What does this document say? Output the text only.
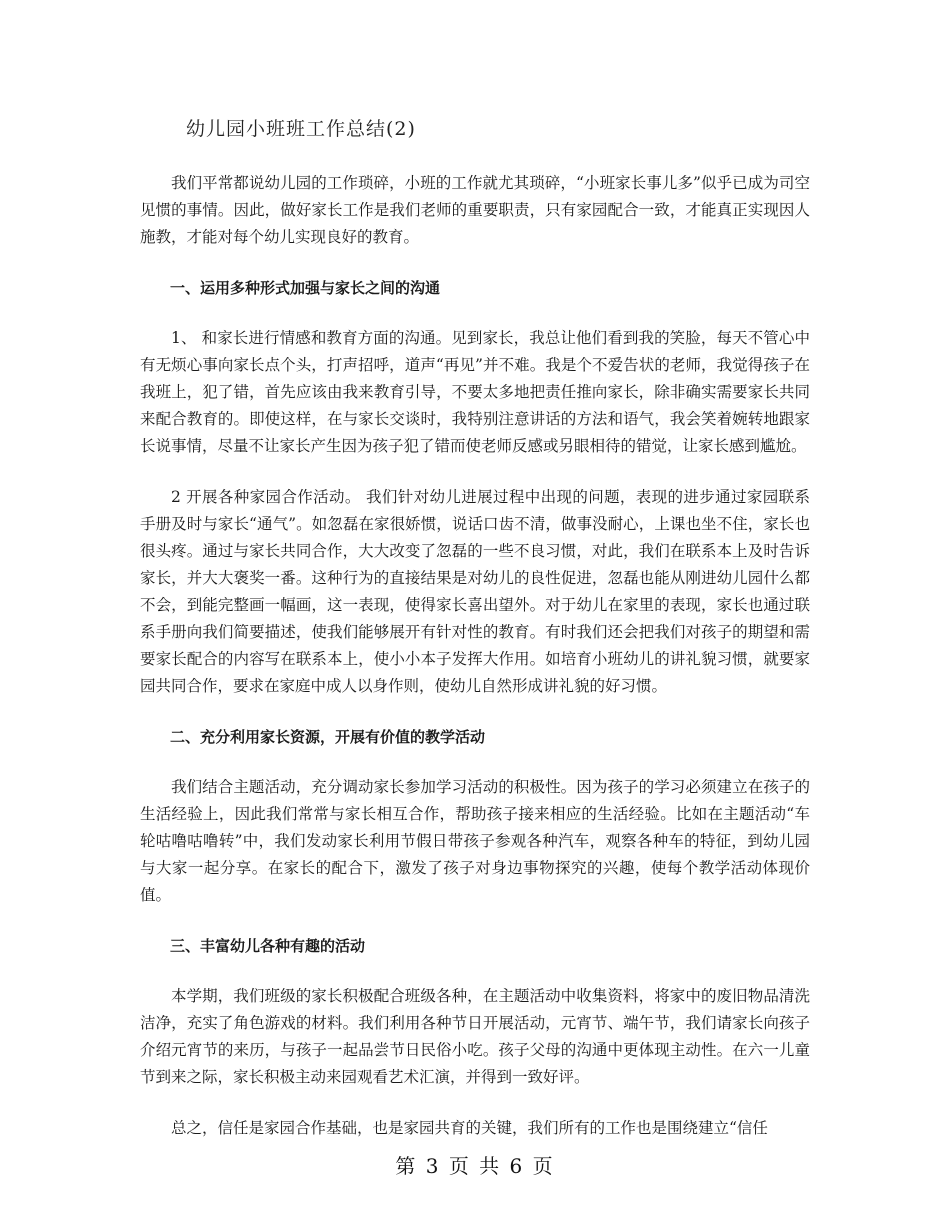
幼儿园小班班工作总结(2)

我们平常都说幼儿园的工作琐碎，小班的工作就尤其琐碎，“小班家长事儿多”似乎已成为司空见惯的事情。因此，做好家长工作是我们老师的重要职责，只有家园配合一致，才能真正实现因人施教，才能对每个幼儿实现良好的教育。

一、运用多种形式加强与家长之间的沟通

1、 和家长进行情感和教育方面的沟通。见到家长，我总让他们看到我的笑脸，每天不管心中有无烦心事向家长点个头，打声招呼，道声“再见”并不难。我是个不爱告状的老师，我觉得孩子在我班上，犯了错，首先应该由我来教育引导，不要太多地把责任推向家长，除非确实需要家长共同来配合教育的。即使这样，在与家长交谈时，我特别注意讲话的方法和语气，我会笑着婉转地跟家长说事情，尽量不让家长产生因为孩子犯了错而使老师反感或另眼相待的错觉，让家长感到尴尬。

2 开展各种家园合作活动。 我们针对幼儿进展过程中出现的问题，表现的进步通过家园联系手册及时与家长“通气”。如忽磊在家很娇惯，说话口齿不清，做事没耐心，上课也坐不住，家长也很头疼。通过与家长共同合作，大大改变了忽磊的一些不良习惯，对此，我们在联系本上及时告诉家长，并大大褒奖一番。这种行为的直接结果是对幼儿的良性促进，忽磊也能从刚进幼儿园什么都不会，到能完整画一幅画，这一表现，使得家长喜出望外。对于幼儿在家里的表现，家长也通过联系手册向我们简要描述，使我们能够展开有针对性的教育。有时我们还会把我们对孩子的期望和需要家长配合的内容写在联系本上，使小小本子发挥大作用。如培育小班幼儿的讲礼貌习惯，就要家园共同合作，要求在家庭中成人以身作则，使幼儿自然形成讲礼貌的好习惯。

二、充分利用家长资源，开展有价值的教学活动

我们结合主题活动，充分调动家长参加学习活动的积极性。因为孩子的学习必须建立在孩子的生活经验上，因此我们常常与家长相互合作，帮助孩子接来相应的生活经验。比如在主题活动“车轮咕噜咕噜转”中，我们发动家长利用节假日带孩子参观各种汽车，观察各种车的特征，到幼儿园与大家一起分享。在家长的配合下，激发了孩子对身边事物探究的兴趣，使每个教学活动体现价值。

三、丰富幼儿各种有趣的活动

本学期，我们班级的家长积极配合班级各种，在主题活动中收集资料，将家中的废旧物品清洗洁净，充实了角色游戏的材料。我们利用各种节日开展活动，元宵节、端午节，我们请家长向孩子介绍元宵节的来历，与孩子一起品尝节日民俗小吃。孩子父母的沟通中更体现主动性。在六一儿童节到来之际，家长积极主动来园观看艺术汇演，并得到一致好评。

总之，信任是家园合作基础，也是家园共育的关键，我们所有的工作也是围绕建立“信任

第 3 页 共 6 页
